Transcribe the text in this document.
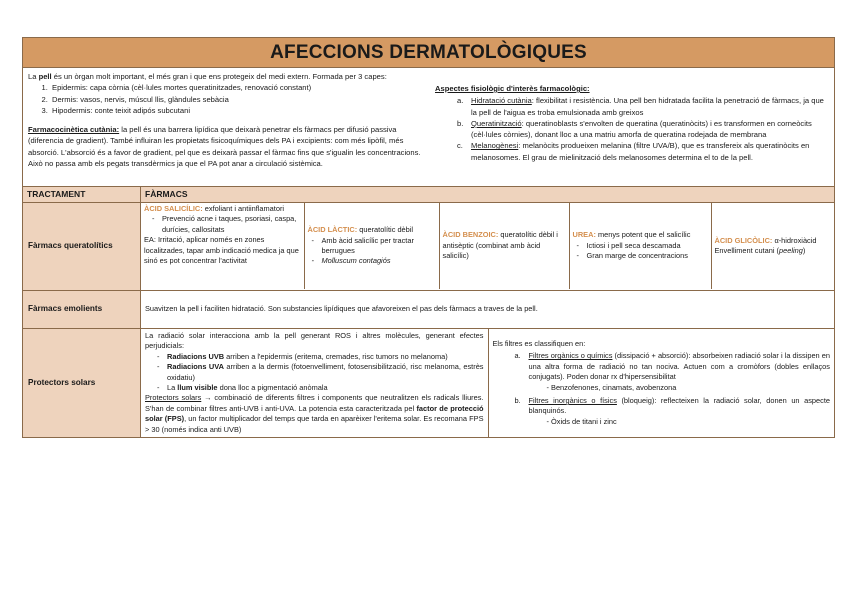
AFECCIONS DERMATOLÒGIQUES
La pell és un òrgan molt important, el més gran i que ens protegeix del medi extern. Formada per 3 capes:
1. Epidermis: capa còrnia (cèl·lules mortes queratinitzades, renovació constant)
2. Dermis: vasos, nervis, múscul llis, glàndules sebàcia
3. Hipodermis: conte teixit adipós subcutani
Farmacocinètica cutània: la pell és una barrera lipídica que deixarà penetrar els fàrmacs per difusió passiva (diferencia de gradient). També influiran les propietats fisicoquímiques dels PA i excipients: com més lipòfil, més absorció. L'absorció és a favor de gradient, pel que es deixarà passar el fàrmac fins que s'igualin les concentracions. Això no passa amb els pegats transdèrmics ja que el PA pot anar a circulació sistèmica.
Aspectes fisiològic d'interès farmacològic:
a. Hidratació cutània: flexibilitat i resistència. Una pell ben hidratada facilita la penetració de fàrmacs, ja que la pell de l'aigua es troba emulsionada amb greixos
b. Queratinització: queratinoblasts s'envolten de queratina (queratinòcits) i es transformen en corneòcits (cèl·lules còrnies), donant lloc a una matriu amorfa de queratina rodejada de membrana
c. Melanogènesi: melanòcits produeixen melanina (filtre UVA/B), que es transfereix als queratinòcits en melanosomes. El grau de mielinització dels melanosomes determina el to de la pell.
TRACTAMENT	FÀRMACS
Fàrmacs queratolítics	
ÀCID SALICÍLIC: exfoliant i antiinflamatori
- Prevenció acne i taques, psoriasi, caspa, durícies, callositats
EA: Irritació, aplicar només en zones localitzades, tapar amb indicació medica ja que sinó es pot concentrar l'activitat
	ÀCID LÀCTIC: queratolític dèbil
- Amb àcid salicílic per tractar berrugues
- Molluscum contagiós
	ÀCID BENZOIC: queratolític dèbil i antisèptic (combinat amb àcid salicílic)	UREA: menys potent que el salicílic
- Ictiosi i pell seca descamada
- Gran marge de concentracions
	ÀCID GLICÒLIC: α-hidroxiàcid
Envelliment cutani (peeling)

Fàrmacs emolients	Suavitzen la pell i faciliten hidratació. Son substancies lipídiques que afavoreixen el pas dels fàrmacs a traves de la pell.
Protectors solars	
La radiació solar interacciona amb la pell generant ROS i altres molècules, generant efectes perjudicials:
- Radiacions UVB arriben a l'epidermis (eritema, cremades, risc tumors no melanoma)
- Radiacions UVA arriben a la dermis (fotoenvelliment, fotosensibilització, risc melanoma, estrès oxidatiu)
- La llum visible dona lloc a pigmentació anòmala
Protectors solars → combinació de diferents filtres i components que neutralitzen els radicals lliures. S'han de combinar filtres anti-UVB i anti-UVA. La potencia esta caracteritzada pel factor de protecció solar (FPS), un factor multiplicador del temps que tarda en aparèixer l'eritema solar. Es recomana FPS > 30 (només indica anti UVB)

Els filtres es classifiquen en:
a. Filtres orgànics o químics (dissipació + absorció): absorbeixen radiació solar i la dissipen en una altra forma de radiació no tan nociva. Actuen com a cromòfors (dobles enllaços conjugats). Poden donar rx d'hipersensibilitat
- Benzofenones, cinamats, avobenzona
b. Filtres inorgànics o físics (bloqueig): reflecteixen la radiació solar, donen un aspecte blanquinós.
- Òxids de titani i zinc
